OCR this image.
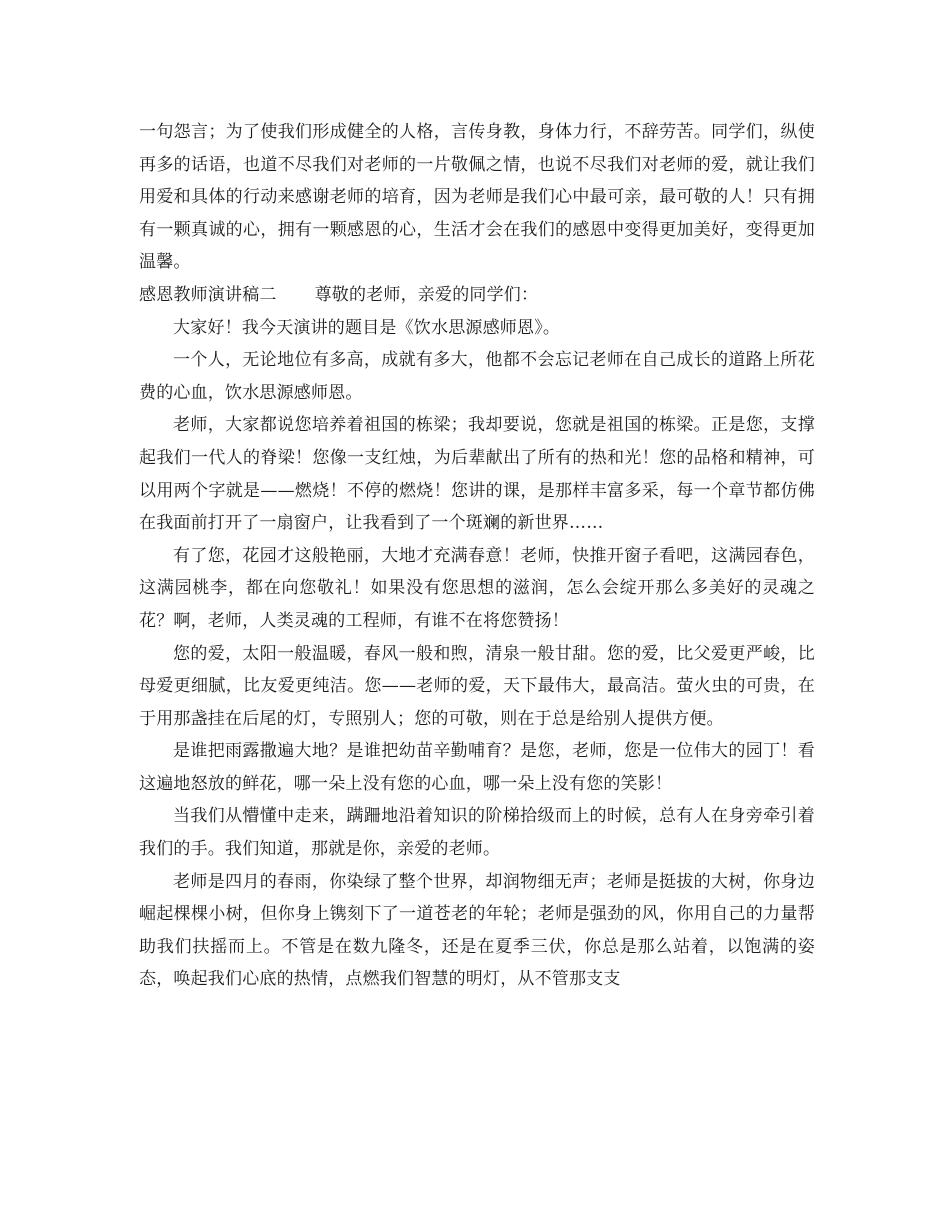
一句怨言；为了使我们形成健全的人格，言传身教，身体力行，不辞劳苦。同学们，纵使再多的话语，也道不尽我们对老师的一片敬佩之情，也说不尽我们对老师的爱，就让我们用爱和具体的行动来感谢老师的培育，因为老师是我们心中最可亲，最可敬的人！只有拥有一颗真诚的心，拥有一颗感恩的心，生活才会在我们的感恩中变得更加美好，变得更加温馨。

感恩教师演讲稿二 尊敬的老师，亲爱的同学们：

大家好！我今天演讲的题目是《饮水思源感师恩》。

一个人，无论地位有多高，成就有多大，他都不会忘记老师在自己成长的道路上所花费的心血，饮水思源感师恩。

老师，大家都说您培养着祖国的栋梁；我却要说，您就是祖国的栋梁。正是您，支撑起我们一代人的脊梁！您像一支红烛，为后辈献出了所有的热和光！您的品格和精神，可以用两个字就是——燃烧！不停的燃烧！您讲的课，是那样丰富多采，每一个章节都仿佛在我面前打开了一扇窗户，让我看到了一个斑斓的新世界……

有了您，花园才这般艳丽，大地才充满春意！老师，快推开窗子看吧，这满园春色，这满园桃李，都在向您敬礼！如果没有您思想的滋润，怎么会绽开那么多美好的灵魂之花？啊，老师，人类灵魂的工程师，有谁不在将您赞扬！

您的爱，太阳一般温暖，春风一般和煦，清泉一般甘甜。您的爱，比父爱更严峻，比母爱更细腻，比友爱更纯洁。您——老师的爱，天下最伟大，最高洁。萤火虫的可贵，在于用那盏挂在后尾的灯，专照别人；您的可敬，则在于总是给别人提供方便。

是谁把雨露撒遍大地？是谁把幼苗辛勤哺育？是您，老师，您是一位伟大的园丁！看这遍地怒放的鲜花，哪一朵上没有您的心血，哪一朵上没有您的笑影！

当我们从懵懂中走来，蹒跚地沿着知识的阶梯拾级而上的时候，总有人在身旁牵引着我们的手。我们知道，那就是你，亲爱的老师。

老师是四月的春雨，你染绿了整个世界，却润物细无声；老师是挺拔的大树，你身边崛起棵棵小树，但你身上镌刻下了一道苍老的年轮；老师是强劲的风，你用自己的力量帮助我们扶摇而上。不管是在数九隆冬，还是在夏季三伏，你总是那么站着，以饱满的姿态，唤起我们心底的热情，点燃我们智慧的明灯，从不管那支支
